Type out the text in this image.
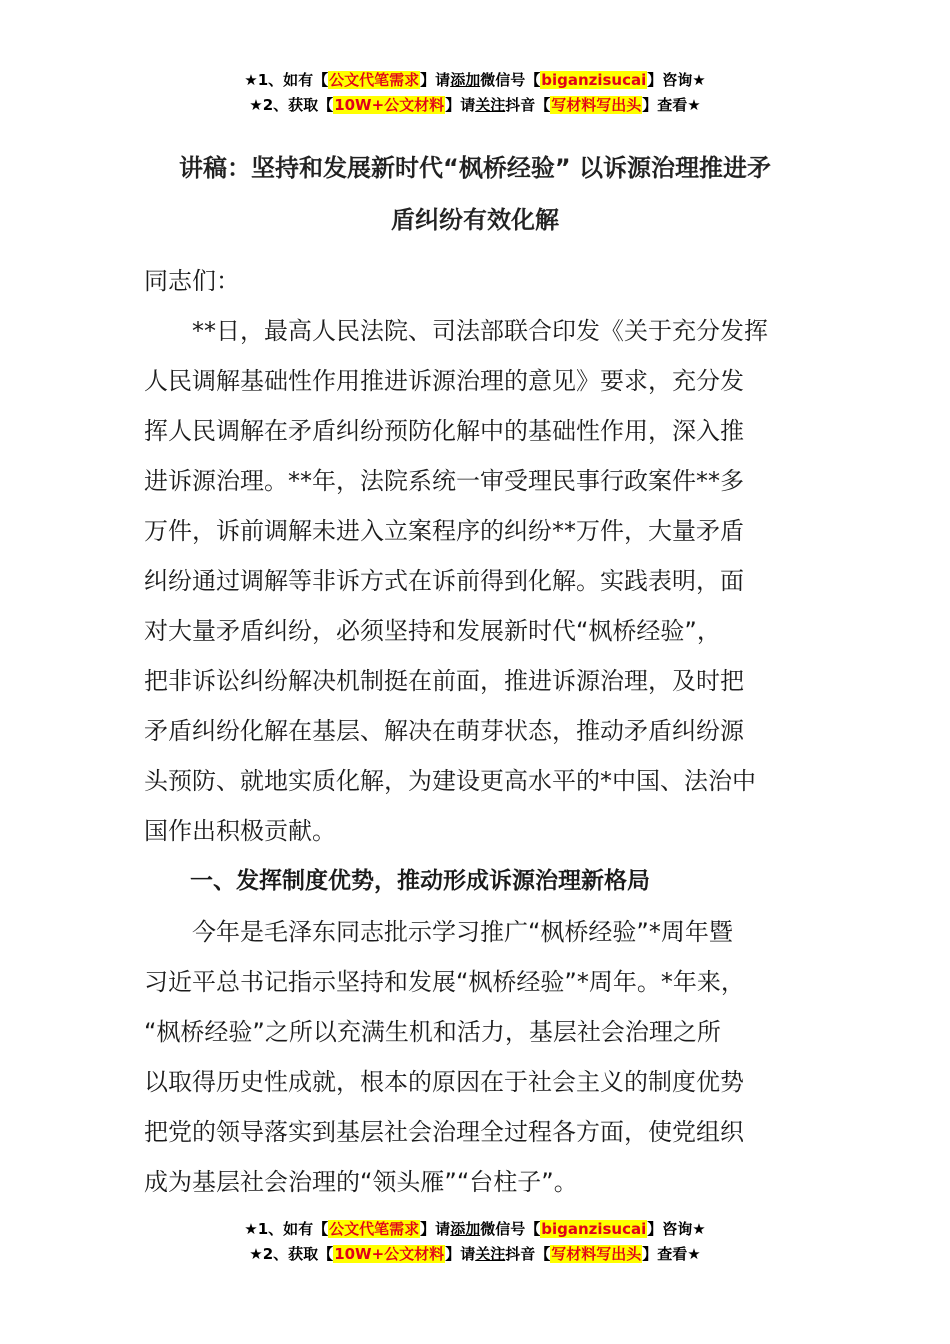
★1、如有【公文代笔需求】请添加微信号【biganzisucai】咨询★
★2、获取【10W+公文材料】请关注抖音【写材料写出头】查看★
讲稿：坚持和发展新时代“枫桥经验” 以诉源治理推进矛
盾纠纷有效化解
同志们：
　　**日，最高人民法院、司法部联合印发《关于充分发挥
人民调解基础性作用推进诉源治理的意见》要求，充分发
挥人民调解在矛盾纠纷预防化解中的基础性作用，深入推
进诉源治理。**年，法院系统一审受理民事行政案件**多
万件，诉前调解未进入立案程序的纠纷**万件，大量矛盾
纠纷通过调解等非诉方式在诉前得到化解。实践表明，面
对大量矛盾纠纷，必须坚持和发展新时代“枫桥经验”，
把非诉讼纠纷解决机制挺在前面，推进诉源治理，及时把
矛盾纠纷化解在基层、解决在萌芽状态，推动矛盾纠纷源
头预防、就地实质化解，为建设更高水平的*中国、法治中
国作出积极贡献。
　　一、发挥制度优势，推动形成诉源治理新格局
　　今年是毛泽东同志批示学习推广“枫桥经验”*周年暨
习近平总书记指示坚持和发展“枫桥经验”*周年。*年来，
“枫桥经验”之所以充满生机和活力，基层社会治理之所
以取得历史性成就，根本的原因在于社会主义的制度优势
把党的领导落实到基层社会治理全过程各方面，使党组织
成为基层社会治理的“领头雁”“台柱子”。
★1、如有【公文代笔需求】请添加微信号【biganzisucai】咨询★
★2、获取【10W+公文材料】请关注抖音【写材料写出头】查看★
